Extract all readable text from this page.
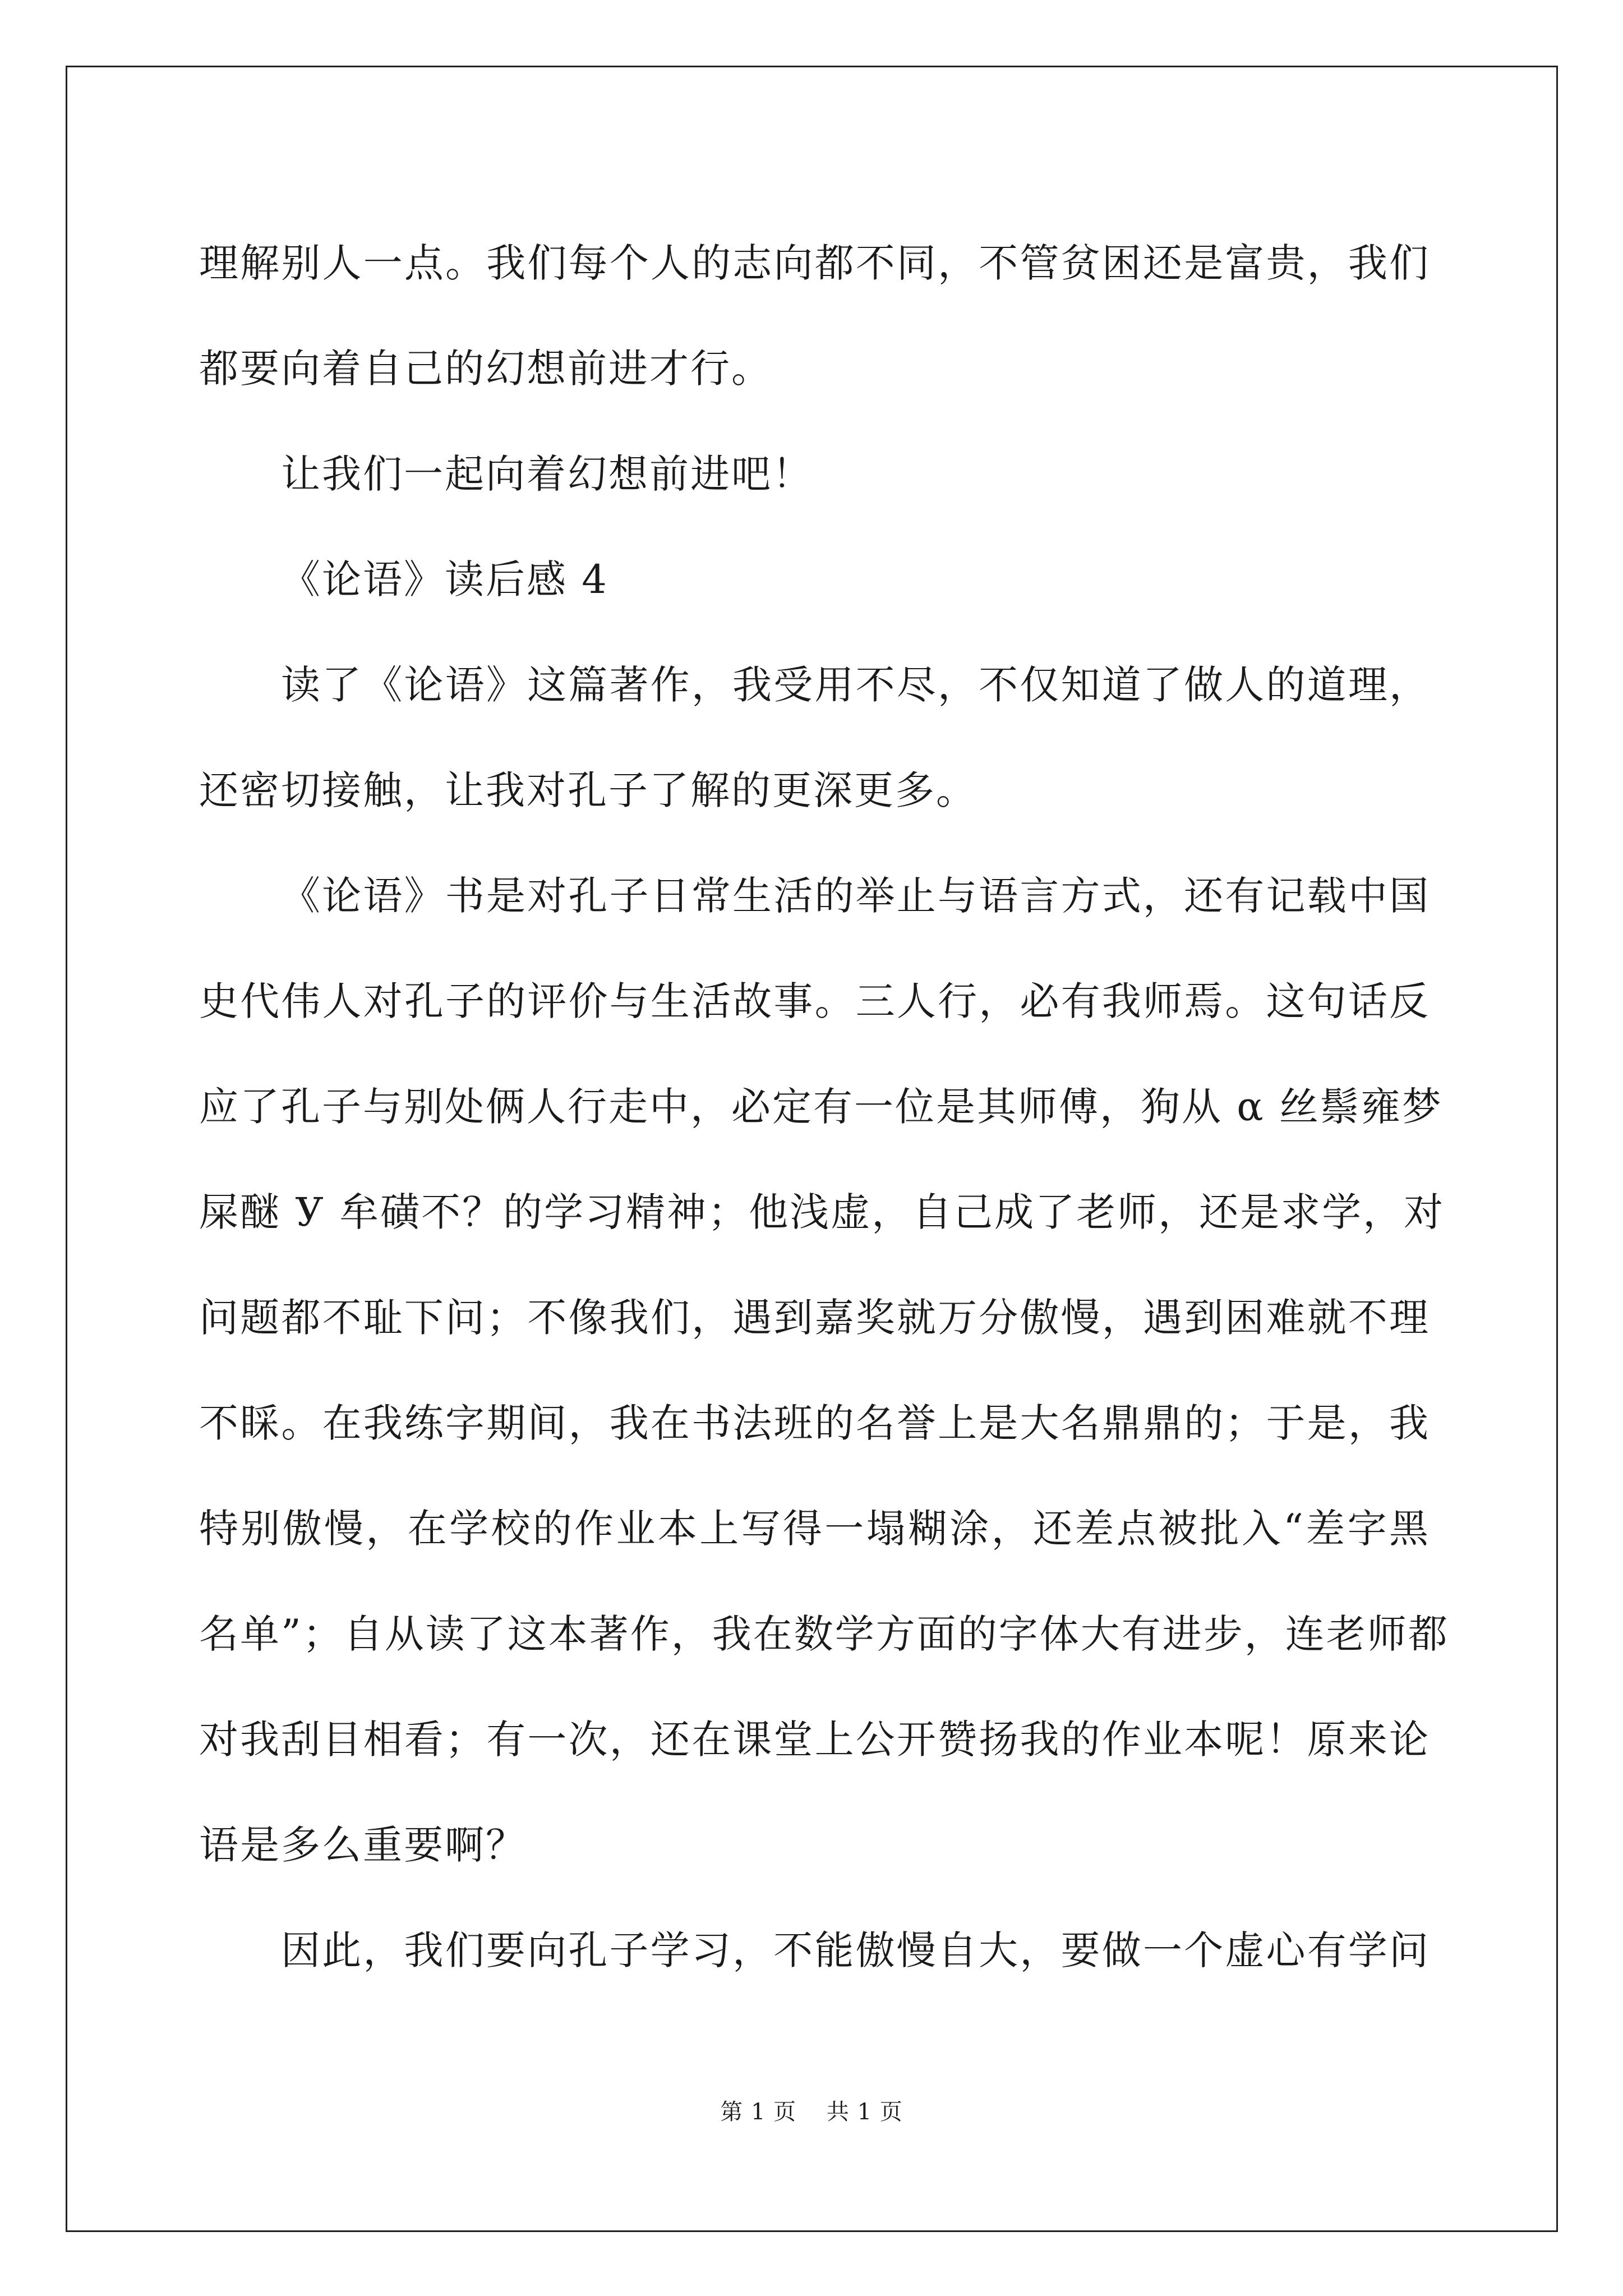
理解别人一点。我们每个人的志向都不同，不管贫困还是富贵，我们
都要向着自己的幻想前进才行。
让我们一起向着幻想前进吧！
《论语》读后感 4
读了《论语》这篇著作，我受用不尽，不仅知道了做人的道理，
还密切接触，让我对孔子了解的更深更多。
《论语》书是对孔子日常生活的举止与语言方式，还有记载中国
史代伟人对孔子的评价与生活故事。三人行，必有我师焉。这句话反
应了孔子与别处俩人行走中，必定有一位是其师傅，狗从 α 丝鬃雍梦
屎醚 У 牟磺不？的学习精神；他浅虚，自己成了老师，还是求学，对
问题都不耻下问；不像我们，遇到嘉奖就万分傲慢，遇到困难就不理
不睬。在我练字期间，我在书法班的名誉上是大名鼎鼎的；于是，我
特别傲慢，在学校的作业本上写得一塌糊涂，还差点被批入“差字黑
名单”；自从读了这本著作，我在数学方面的字体大有进步，连老师都
对我刮目相看；有一次，还在课堂上公开赞扬我的作业本呢！原来论
语是多么重要啊？
因此，我们要向孔子学习，不能傲慢自大，要做一个虚心有学问
第 1 页 共 1 页
